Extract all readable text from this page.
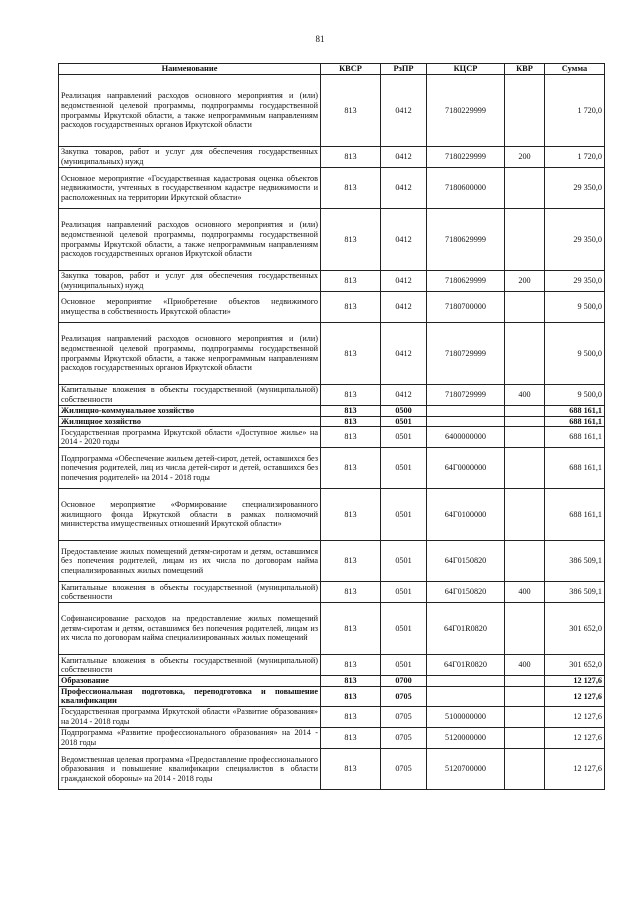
81
Наименование	КВСР	РзПР	КЦСР	КВР	Сумма
Реализация направлений расходов основного мероприятия и (или) ведомственной целевой программы, подпрограммы государственной программы Иркутской области, а также непрограммным направлениям расходов государственных органов Иркутской области	813	0412	7180229999		1 720,0
Закупка товаров, работ и услуг для обеспечения государственных (муниципальных) нужд	813	0412	7180229999	200	1 720,0
Основное мероприятие «Государственная кадастровая оценка объектов недвижимости, учтенных в государственном кадастре недвижимости и расположенных на территории Иркутской области»	813	0412	7180600000		29 350,0
Реализация направлений расходов основного мероприятия и (или) ведомственной целевой программы, подпрограммы государственной программы Иркутской области, а также непрограммным направлениям расходов государственных органов Иркутской области	813	0412	7180629999		29 350,0
Закупка товаров, работ и услуг для обеспечения государственных (муниципальных) нужд	813	0412	7180629999	200	29 350,0
Основное мероприятие «Приобретение объектов недвижимого имущества в собственность Иркутской области»	813	0412	7180700000		9 500,0
Реализация направлений расходов основного мероприятия и (или) ведомственной целевой программы, подпрограммы государственной программы Иркутской области, а также непрограммным направлениям расходов государственных органов Иркутской области	813	0412	7180729999		9 500,0
Капитальные вложения в объекты государственной (муниципальной) собственности	813	0412	7180729999	400	9 500,0
Жилищно-коммунальное хозяйство	813	0500			688 161,1
Жилищное хозяйство	813	0501			688 161,1
Государственная программа Иркутской области «Доступное жилье» на 2014 - 2020 годы	813	0501	6400000000		688 161,1
Подпрограмма «Обеспечение жильем детей-сирот, детей, оставшихся без попечения родителей, лиц из числа детей-сирот и детей, оставшихся без попечения родителей» на 2014 - 2018 годы	813	0501	64Г0000000		688 161,1
Основное мероприятие «Формирование специализированного жилищного фонда Иркутской области в рамках полномочий министерства имущественных отношений Иркутской области»	813	0501	64Г0100000		688 161,1
Предоставление жилых помещений детям-сиротам и детям, оставшимся без попечения родителей, лицам из их числа по договорам найма специализированных жилых помещений	813	0501	64Г0150820		386 509,1
Капитальные вложения в объекты государственной (муниципальной) собственности	813	0501	64Г0150820	400	386 509,1
Софинансирование расходов на предоставление жилых помещений детям-сиротам и детям, оставшимся без попечения родителей, лицам из их числа по договорам найма специализированных жилых помещений	813	0501	64Г01R0820		301 652,0
Капитальные вложения в объекты государственной (муниципальной) собственности	813	0501	64Г01R0820	400	301 652,0
Образование	813	0700			12 127,6
Профессиональная подготовка, переподготовка и повышение квалификации	813	0705			12 127,6
Государственная программа Иркутской области «Развитие образования» на 2014 - 2018 годы	813	0705	5100000000		12 127,6
Подпрограмма «Развитие профессионального образования» на 2014 - 2018 годы	813	0705	5120000000		12 127,6
Ведомственная целевая программа «Предоставление профессионального образования и повышение квалификации специалистов в области гражданской обороны» на 2014 - 2018 годы	813	0705	5120700000		12 127,6
